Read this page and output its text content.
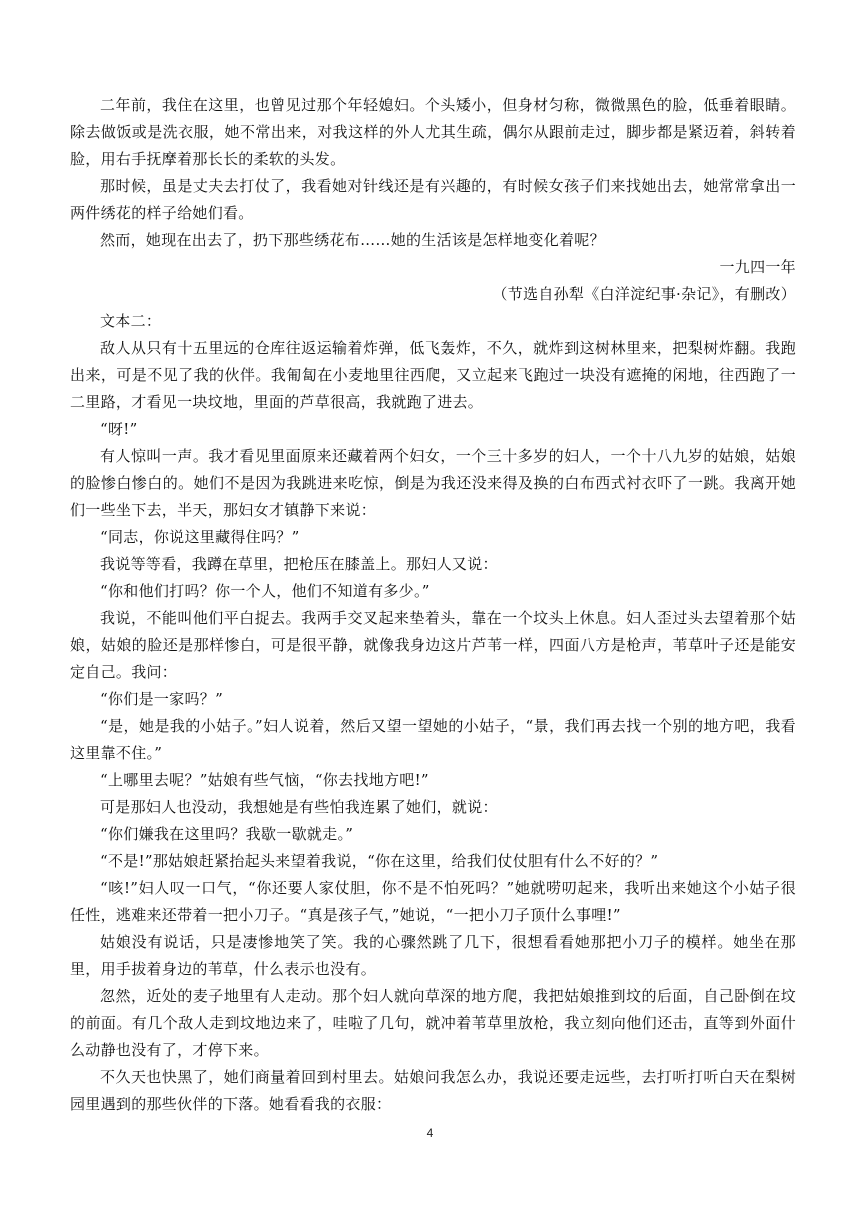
二年前，我住在这里，也曾见过那个年轻媳妇。个头矮小，但身材匀称，微微黑色的脸，低垂着眼睛。除去做饭或是洗衣服，她不常出来，对我这样的外人尤其生疏，偶尔从跟前走过，脚步都是紧迈着，斜转着脸，用右手抚摩着那长长的柔软的头发。

那时候，虽是丈夫去打仗了，我看她对针线还是有兴趣的，有时候女孩子们来找她出去，她常常拿出一两件绣花的样子给她们看。

然而，她现在出去了，扔下那些绣花布……她的生活该是怎样地变化着呢？

一九四一年

（节选自孙犁《白洋淀纪事·杂记》，有删改）

文本二：

敌人从只有十五里远的仓库往返运输着炸弹，低飞轰炸，不久，就炸到这树林里来，把梨树炸翻。我跑出来，可是不见了我的伙伴。我匍匐在小麦地里往西爬，又立起来飞跑过一块没有遮掩的闲地，往西跑了一二里路，才看见一块坟地，里面的芦草很高，我就跑了进去。

“呀!”

有人惊叫一声。我才看见里面原来还藏着两个妇女，一个三十多岁的妇人，一个十八九岁的姑娘，姑娘的脸惨白惨白的。她们不是因为我跳进来吃惊，倒是为我还没来得及换的白布西式衬衣吓了一跳。我离开她们一些坐下去，半天，那妇女才镇静下来说：

“同志，你说这里藏得住吗？”

我说等等看，我蹲在草里，把枪压在膝盖上。那妇人又说：

“你和他们打吗？你一个人，他们不知道有多少。”

我说，不能叫他们平白捉去。我两手交叉起来垫着头，靠在一个坟头上休息。妇人歪过头去望着那个姑娘，姑娘的脸还是那样惨白，可是很平静，就像我身边这片芦苇一样，四面八方是枪声，苇草叶子还是能安定自己。我问：

“你们是一家吗？”

“是，她是我的小姑子。”妇人说着，然后又望一望她的小姑子，“景，我们再去找一个别的地方吧，我看这里靠不住。”

“上哪里去呢？”姑娘有些气恼，“你去找地方吧!”

可是那妇人也没动，我想她是有些怕我连累了她们，就说：

“你们嫌我在这里吗？我歇一歇就走。”

“不是!”那姑娘赶紧抬起头来望着我说，“你在这里，给我们仗仗胆有什么不好的？”

“咳!”妇人叹一口气，“你还要人家仗胆，你不是不怕死吗？”她就唠叨起来，我听出来她这个小姑子很任性，逃难来还带着一把小刀子。“真是孩子气，”她说，“一把小刀子顶什么事哩!”

姑娘没有说话，只是凄惨地笑了笑。我的心骤然跳了几下，很想看看她那把小刀子的模样。她坐在那里，用手拔着身边的苇草，什么表示也没有。

忽然，近处的麦子地里有人走动。那个妇人就向草深的地方爬，我把姑娘推到坟的后面，自己卧倒在坟的前面。有几个敌人走到坟地边来了，哇啦了几句，就冲着苇草里放枪，我立刻向他们还击，直等到外面什么动静也没有了，才停下来。

不久天也快黑了，她们商量着回到村里去。姑娘问我怎么办，我说还要走远些，去打听打听白天在梨树园里遇到的那些伙伴的下落。她看看我的衣服：

4
